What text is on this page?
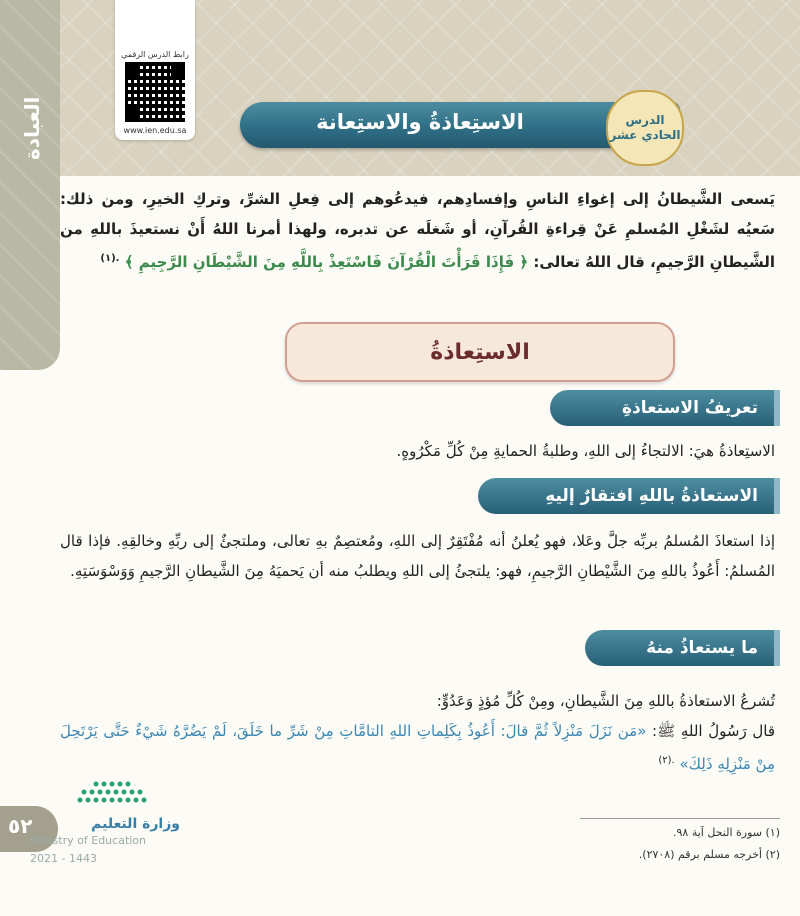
العبادة
رابط الدرس الرقمي
www.ien.edu.sa	الاستِعاذةُ والاستِعانة	الدرس الحادي عشر
يَسعى الشَّيطانُ إلى إغواءِ الناسِ وإفسادِهم، فيدعُوهم إلى فِعلِ الشرِّ، وتركِ الخيرِ، ومن ذلك: سَعيُه لشَغْلِ المُسلمِ عَنْ قِراءةِ القُرآنِ، أو شَغلَه عن تدبره، ولهذا أمرنا اللهُ أَنْ نستعيذَ باللهِ من الشَّيطانِ الرَّجيمِ، قال اللهُ تعالى: ﴿ فَإِذَا قَرَأْتَ الْقُرْآنَ فَاسْتَعِذْ بِاللَّهِ مِنَ الشَّيْطَانِ الرَّجِيمِ ﴾ $^{.(١)}$
الاستِعاذةُ
تعريفُ الاستعاذةِ
الاستِعاذةُ هيَ: الالتجاءُ إلى اللهِ، وطلبةُ الحمايةِ مِنْ كُلِّ مَكْرُوهٍ.
الاستعاذةُ باللهِ افتقارٌ إليهِ
إذا استعاذَ المُسلمُ بربِّه جلَّ وعَلا، فهو يُعلنُ أنه مُفْتَقِرٌ إلى اللهِ، ومُعتصِمٌ بهِ تعالى، وملتجئٌ إلى ربِّهِ وخالقِهِ. فإذا قال المُسلمُ: أَعُوذُ باللهِ مِنَ الشَّيْطانِ الرَّجيمِ، فهو: يلتجئُ إلى اللهِ ويطلبُ منه أن يَحميَهُ مِنَ الشَّيطانِ الرَّجيمِ وَوَسْوَسَتِهِ.
ما يستعاذُ منهُ
تُشرعُ الاستعاذةُ باللهِ مِنَ الشَّيطانِ، ومِنْ كُلِّ مُؤذٍ وَعَدُوٍّ:
قال رَسُولُ اللهِ ﷺ: «مَن نَزَلَ مَنْزِلاً ثُمَّ قالَ: أَعُوذُ بِكَلِماتِ اللهِ التامَّاتِ مِنْ شَرِّ ما خَلَقَ، لَمْ يَضُرَّهُ شَيْءٌ حَتَّى يَرْتَحِلَ مِنْ مَنْزِلِهِ ذَلِكَ» $^{.(٢)}$
(١) سورة النحل آية ٩٨.
(٢) أخرجه مسلم برقم (٢٧٠٨).
٥٢	وزارة التعليم
Ministry of Education
2021 - 1443
